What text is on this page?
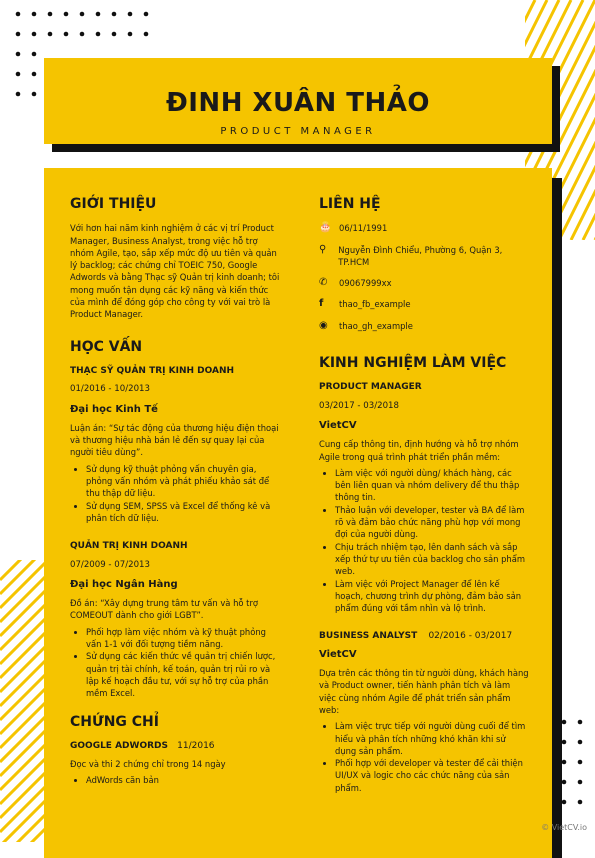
ĐINH XUÂN THẢO
PRODUCT MANAGER
GIỚI THIỆU

Với hơn hai năm kinh nghiệm ở các vị trí Product Manager, Business Analyst, trong việc hỗ trợ nhóm Agile, tạo, sắp xếp mức độ ưu tiên và quản lý backlog; các chứng chỉ TOEIC 750, Google Adwords và bằng Thạc sỹ Quản trị kinh doanh; tôi mong muốn tận dụng các kỹ năng và kiến thức của mình để đóng góp cho công ty với vai trò là Product Manager.

HỌC VẤN
THẠC SỸ QUẢN TRỊ KINH DOANH
01/2016 - 10/2013
Đại học Kinh Tế

Luận án: “Sự tác động của thương hiệu điện thoại và thương hiệu nhà bán lẻ đến sự quay lại của người tiêu dùng”.

• Sử dụng kỹ thuật phỏng vấn chuyên gia, phỏng vấn nhóm và phát phiếu khảo sát để thu thập dữ liệu.
• Sử dụng SEM, SPSS và Excel để thống kê và phân tích dữ liệu.
QUẢN TRỊ KINH DOANH
07/2009 - 07/2013
Đại học Ngân Hàng

Đồ án: “Xây dựng trung tâm tư vấn và hỗ trợ COMEOUT dành cho giới LGBT”.

• Phối hợp làm việc nhóm và kỹ thuật phỏng vấn 1-1 với đối tượng tiềm năng.
• Sử dụng các kiến thức về quản trị chiến lược, quản trị tài chính, kế toán, quản trị rủi ro và lập kế hoạch đầu tư, với sự hỗ trợ của phần mềm Excel.
CHỨNG CHỈ
GOOGLE ADWORDS 11/2016

Đọc và thi 2 chứng chỉ trong 14 ngày

• AdWords căn bản
LIÊN HỆ
🎂 06/11/1991
⚲	Nguyễn Đình Chiểu, Phường 6, Quận 3, TP.HCM
✆	09067999xx
f	thao_fb_example
◉	thao_gh_example
KINH NGHIỆM LÀM VIỆC
PRODUCT MANAGER
03/2017 - 03/2018
VietCV

Cung cấp thông tin, định hướng và hỗ trợ nhóm Agile trong quá trình phát triển phần mềm:

• Làm việc với người dùng/ khách hàng, các bên liên quan và nhóm delivery để thu thập thông tin.
• Thảo luận với developer, tester và BA để làm rõ và đảm bảo chức năng phù hợp với mong đợi của người dùng.
• Chịu trách nhiệm tạo, lên danh sách và sắp xếp thứ tự ưu tiên của backlog cho sản phẩm web.
• Làm việc với Project Manager để lên kế hoạch, chương trình dự phòng, đảm bảo sản phẩm đúng với tầm nhìn và lộ trình.
BUSINESS ANALYST 02/2016 - 03/2017
VietCV

Dựa trên các thông tin từ người dùng, khách hàng và Product owner, tiến hành phân tích và làm việc cùng nhóm Agile để phát triển sản phẩm web:

• Làm việc trực tiếp với người dùng cuối để tìm hiểu và phân tích những khó khăn khi sử dụng sản phẩm.
• Phối hợp với developer và tester để cải thiện UI/UX và logic cho các chức năng của sản phẩm.
© VietCV.io
